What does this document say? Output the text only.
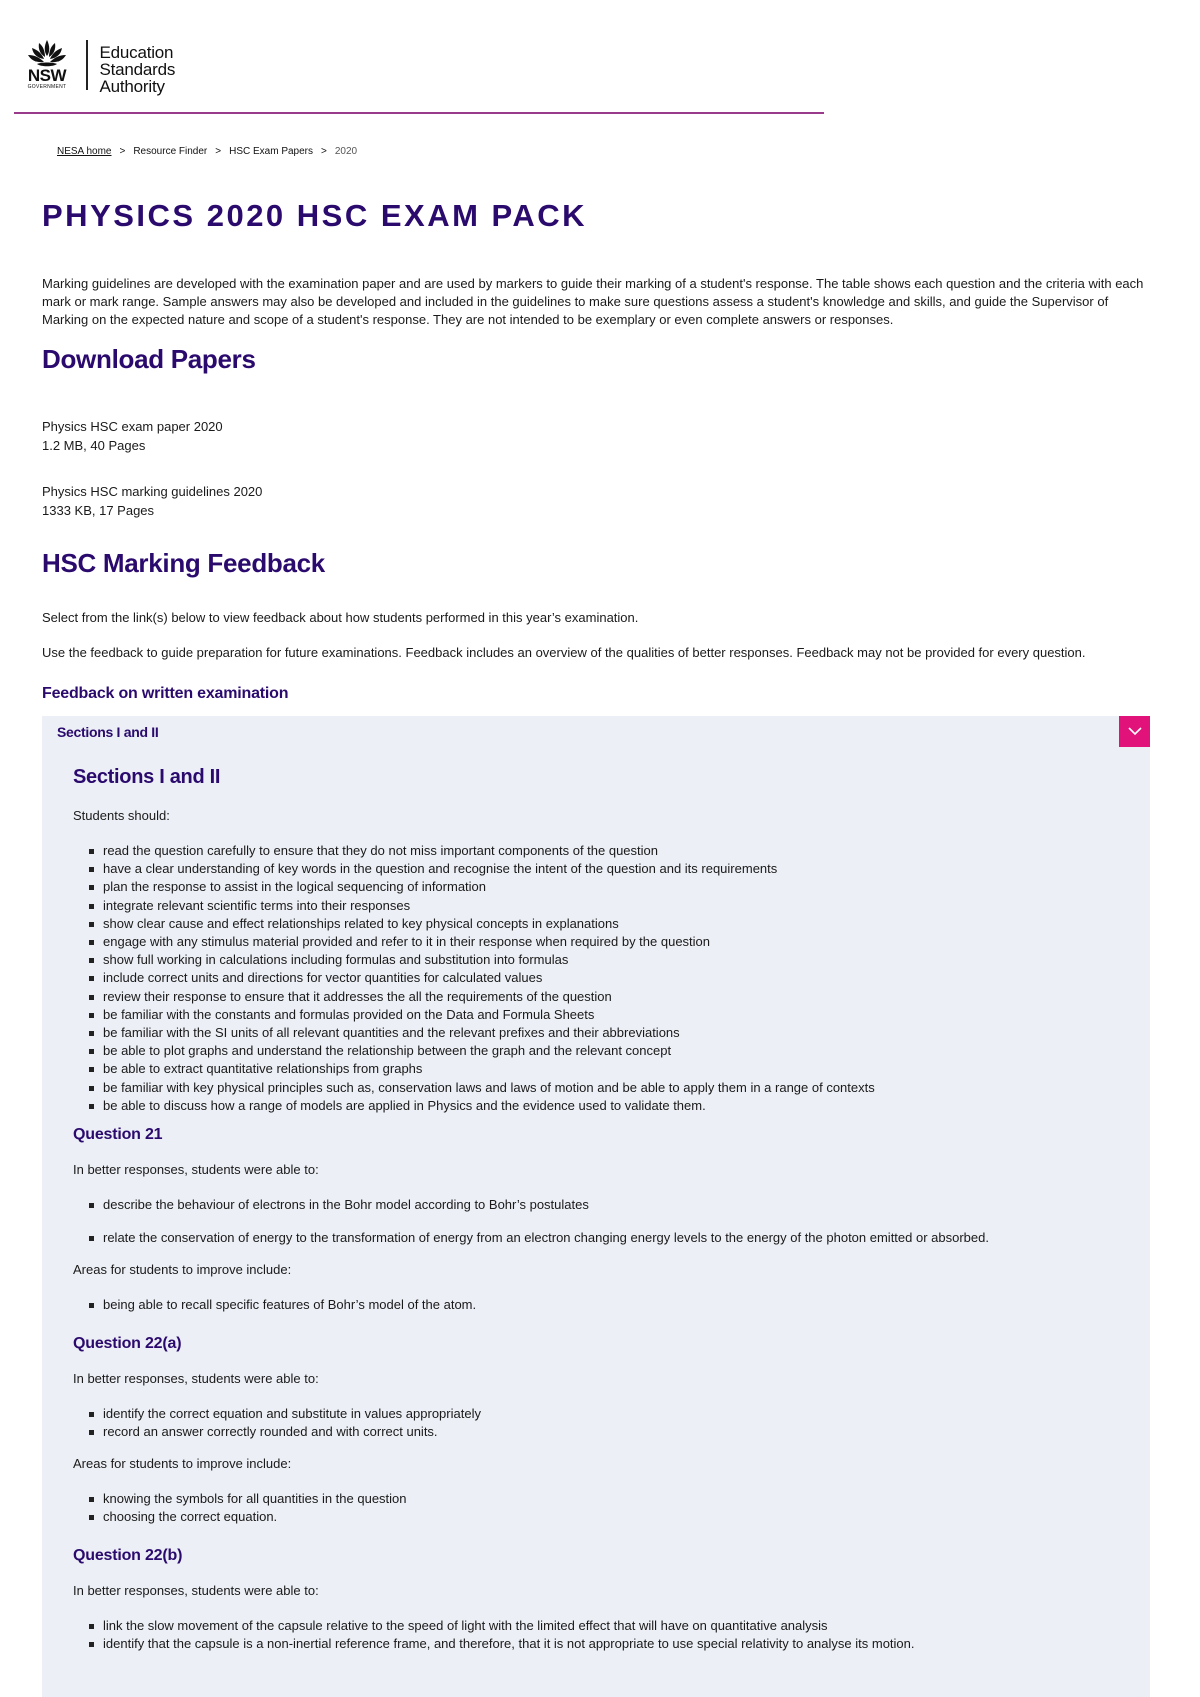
NSW
GOVERNMENT
Education
Standards
Authority
NESA home > Resource Finder > HSC Exam Papers > 2020
PHYSICS 2020 HSC EXAM PACK

Marking guidelines are developed with the examination paper and are used by markers to guide their marking of a student's response. The table shows each question and the criteria with each mark or mark range. Sample answers may also be developed and included in the guidelines to make sure questions assess a student's knowledge and skills, and guide the Supervisor of Marking on the expected nature and scope of a student's response. They are not intended to be exemplary or even complete answers or responses.

Download Papers
Physics HSC exam paper 2020
1.2 MB, 40 Pages
Physics HSC marking guidelines 2020
1333 KB, 17 Pages
HSC Marking Feedback

Select from the link(s) below to view feedback about how students performed in this year’s examination.

Use the feedback to guide preparation for future examinations. Feedback includes an overview of the qualities of better responses. Feedback may not be provided for every question.

Feedback on written examination
Sections I and II
Sections I and II
Students should:
read the question carefully to ensure that they do not miss important components of the question
have a clear understanding of key words in the question and recognise the intent of the question and its requirements
plan the response to assist in the logical sequencing of information
integrate relevant scientific terms into their responses
show clear cause and effect relationships related to key physical concepts in explanations
engage with any stimulus material provided and refer to it in their response when required by the question
show full working in calculations including formulas and substitution into formulas
include correct units and directions for vector quantities for calculated values
review their response to ensure that it addresses the all the requirements of the question
be familiar with the constants and formulas provided on the Data and Formula Sheets
be familiar with the SI units of all relevant quantities and the relevant prefixes and their abbreviations
be able to plot graphs and understand the relationship between the graph and the relevant concept
be able to extract quantitative relationships from graphs
be familiar with key physical principles such as, conservation laws and laws of motion and be able to apply them in a range of contexts
be able to discuss how a range of models are applied in Physics and the evidence used to validate them.
Question 21
In better responses, students were able to:
describe the behaviour of electrons in the Bohr model according to Bohr’s postulates
relate the conservation of energy to the transformation of energy from an electron changing energy levels to the energy of the photon emitted or absorbed.
Areas for students to improve include:
being able to recall specific features of Bohr’s model of the atom.
Question 22(a)
In better responses, students were able to:
identify the correct equation and substitute in values appropriately
record an answer correctly rounded and with correct units.
Areas for students to improve include:
knowing the symbols for all quantities in the question
choosing the correct equation.
Question 22(b)
In better responses, students were able to:
link the slow movement of the capsule relative to the speed of light with the limited effect that will have on quantitative analysis
identify that the capsule is a non-inertial reference frame, and therefore, that it is not appropriate to use special relativity to analyse its motion.
